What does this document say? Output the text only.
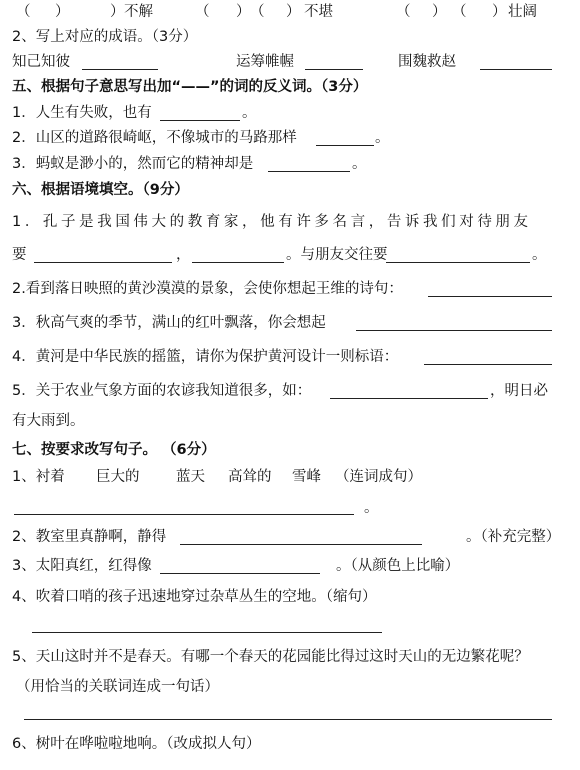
（ ）	） 不解	（ ） （ ） 不堪	（ ） （ ） 壮阔
2、写上对应的成语。（3分）
知己知彼	运筹帷幄	围魏救赵
五、根据句子意思写出加“——”的词的反义词。（3分）
1．人生有失败，也有	。
2．山区的道路很崎岖，不像城市的马路那样	。
3．蚂蚁是渺小的，然而它的精神却是	。
六、根据语境填空。（9分）
1．孔子是我国伟大的教育家，他有许多名言，告诉我们对待朋友
要	，	。与朋友交往要	。
2.看到落日映照的黄沙漠漠的景象，会使你想起王维的诗句：
3．秋高气爽的季节，满山的红叶飘落，你会想起
4．黄河是中华民族的摇篮，请你为保护黄河设计一则标语：
5．关于农业气象方面的农谚我知道很多，如：	，明日必
有大雨到。
七、按要求改写句子。 （6分）
1、衬着 巨大的	蓝天 高耸的 雪峰 （连词成句）
。
2、教室里真静啊，静得	。（补充完整）
3、太阳真红，红得像	。（从颜色上比喻）
4、吹着口哨的孩子迅速地穿过杂草丛生的空地。（缩句）
5、天山这时并不是春天。有哪一个春天的花园能比得过这时天山的无边繁花呢？
（用恰当的关联词连成一句话）
6、树叶在哗啦啦地响。（改成拟人句）
